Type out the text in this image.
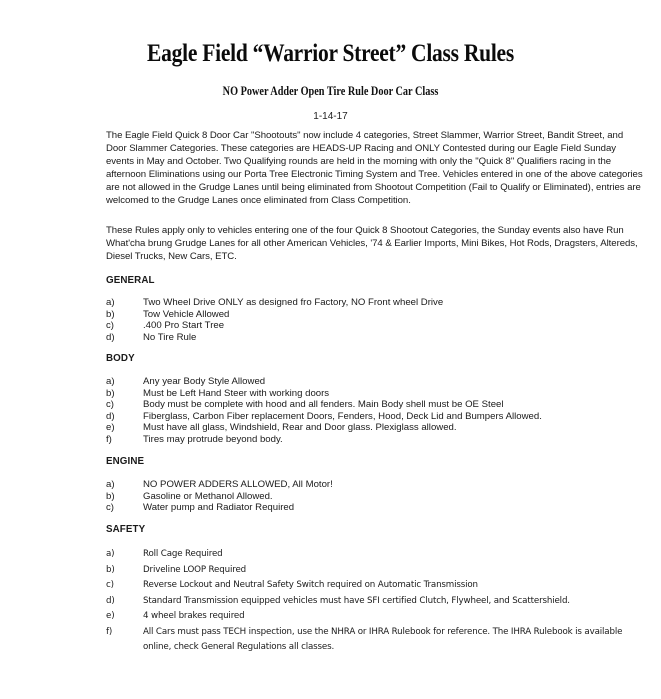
Eagle Field “Warrior Street” Class Rules
NO Power Adder Open Tire Rule Door Car Class
1-14-17

The Eagle Field Quick 8 Door Car "Shootouts" now include 4 categories, Street Slammer, Warrior Street, Bandit Street, and Door Slammer Categories. These categories are HEADS-UP Racing and ONLY Contested during our Eagle Field Sunday events in May and October. Two Qualifying rounds are held in the morning with only the "Quick 8" Qualifiers racing in the afternoon Eliminations using our Porta Tree Electronic Timing System and Tree. Vehicles entered in one of the above categories are not allowed in the Grudge Lanes until being eliminated from Shootout Competition (Fail to Qualify or Eliminated), entries are welcomed to the Grudge Lanes once eliminated from Class Competition.

These Rules apply only to vehicles entering one of the four Quick 8 Shootout Categories, the Sunday events also have Run What'cha brung Grudge Lanes for all other American Vehicles, '74 & Earlier Imports, Mini Bikes, Hot Rods, Dragsters, Altereds, Diesel Trucks, New Cars, ETC.

GENERAL
a)	Two Wheel Drive ONLY as designed fro Factory, NO Front wheel Drive
b)	Tow Vehicle Allowed
c)	.400 Pro Start Tree
d)	No Tire Rule
BODY
a)	Any year Body Style Allowed
b)	Must be Left Hand Steer with working doors
c)	Body must be complete with hood and all fenders. Main Body shell must be OE Steel
d)	Fiberglass, Carbon Fiber replacement Doors, Fenders, Hood, Deck Lid and Bumpers Allowed.
e)	Must have all glass, Windshield, Rear and Door glass. Plexiglass allowed.
f)	Tires may protrude beyond body.
ENGINE
a)	NO POWER ADDERS ALLOWED, All Motor!
b)	Gasoline or Methanol Allowed.
c)	Water pump and Radiator Required
SAFETY
a)	Roll Cage Required
b)	Driveline LOOP Required
c)	Reverse Lockout and Neutral Safety Switch required on Automatic Transmission
d)	Standard Transmission equipped vehicles must have SFI certified Clutch, Flywheel, and Scattershield.
e)	4 wheel brakes required
f)	All Cars must pass TECH inspection, use the NHRA or IHRA Rulebook for reference. The IHRA Rulebook is available online, check General Regulations all classes.
